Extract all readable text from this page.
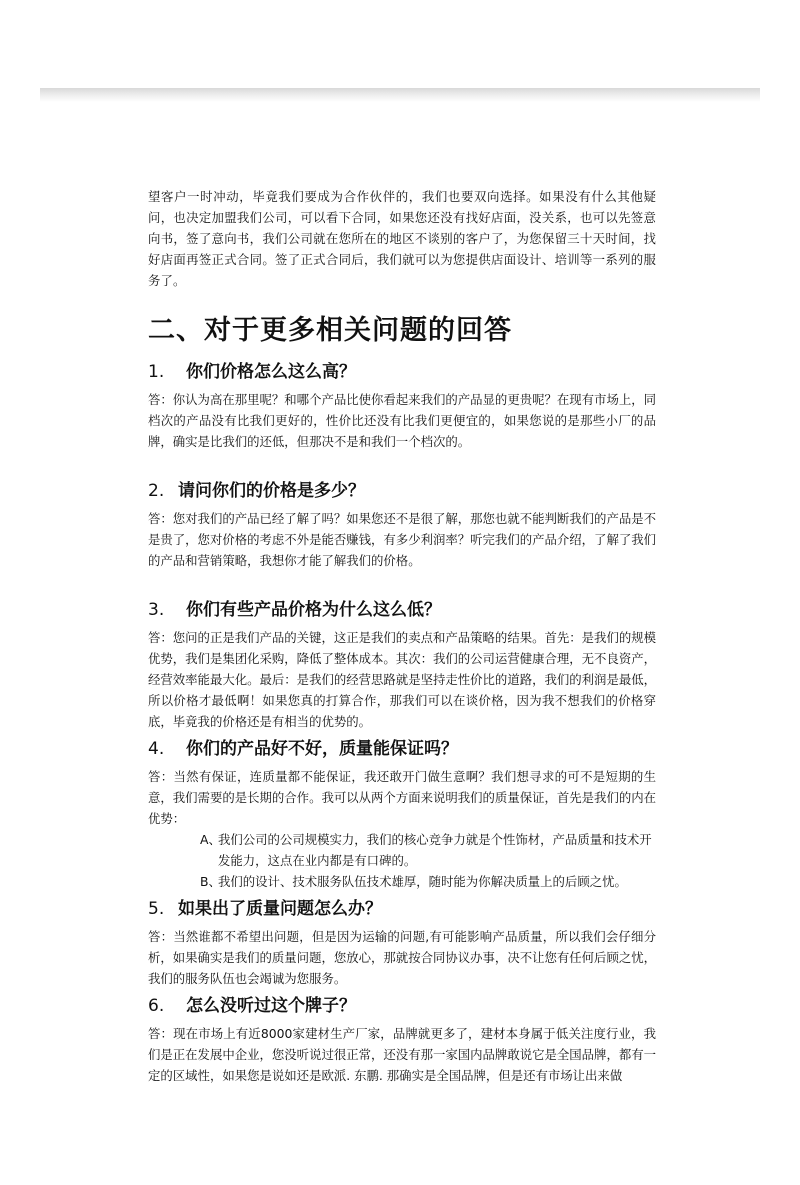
望客户一时冲动，毕竟我们要成为合作伙伴的，我们也要双向选择。如果没有什么其他疑问，也决定加盟我们公司，可以看下合同，如果您还没有找好店面，没关系，也可以先签意向书，签了意向书，我们公司就在您所在的地区不谈别的客户了，为您保留三十天时间，找好店面再签正式合同。签了正式合同后，我们就可以为您提供店面设计、培训等一系列的服务了。

二、对于更多相关问题的回答
1.	你们价格怎么这么高？

答：你认为高在那里呢？和哪个产品比使你看起来我们的产品显的更贵呢？在现有市场上，同档次的产品没有比我们更好的，性价比还没有比我们更便宜的，如果您说的是那些小厂的品牌，确实是比我们的还低，但那决不是和我们一个档次的。

2. 请问你们的价格是多少？

答：您对我们的产品已经了解了吗？如果您还不是很了解，那您也就不能判断我们的产品是不是贵了，您对价格的考虑不外是能否赚钱，有多少利润率？听完我们的产品介绍，了解了我们的产品和营销策略，我想你才能了解我们的价格。

3.	你们有些产品价格为什么这么低？

答：您问的正是我们产品的关键，这正是我们的卖点和产品策略的结果。首先：是我们的规模优势，我们是集团化采购，降低了整体成本。其次：我们的公司运营健康合理，无不良资产，经营效率能最大化。最后：是我们的经营思路就是坚持走性价比的道路，我们的利润是最低，所以价格才最低啊！如果您真的打算合作，那我们可以在谈价格，因为我不想我们的价格穿底，毕竟我的价格还是有相当的优势的。

4.	你们的产品好不好，质量能保证吗？

答：当然有保证，连质量都不能保证，我还敢开门做生意啊？我们想寻求的可不是短期的生意，我们需要的是长期的合作。我可以从两个方面来说明我们的质量保证，首先是我们的内在优势：

A、
我们公司的公司规模实力，我们的核心竞争力就是个性饰材，产品质量和技术开发能力，这点在业内都是有口碑的。
B、
我们的设计、技术服务队伍技术雄厚，随时能为你解决质量上的后顾之忧。
5. 如果出了质量问题怎么办？

答：当然谁都不希望出问题，但是因为运输的问题,有可能影响产品质量，所以我们会仔细分析，如果确实是我们的质量问题，您放心，那就按合同协议办事，决不让您有任何后顾之忧，我们的服务队伍也会竭诚为您服务。

6.	怎么没听过这个牌子？

答：现在市场上有近8000家建材生产厂家，品牌就更多了，建材本身属于低关注度行业，我们是正在发展中企业，您没听说过很正常，还没有那一家国内品牌敢说它是全国品牌，都有一定的区域性，如果您是说如还是欧派. 东鹏. 那确实是全国品牌，但是还有市场让出来做
